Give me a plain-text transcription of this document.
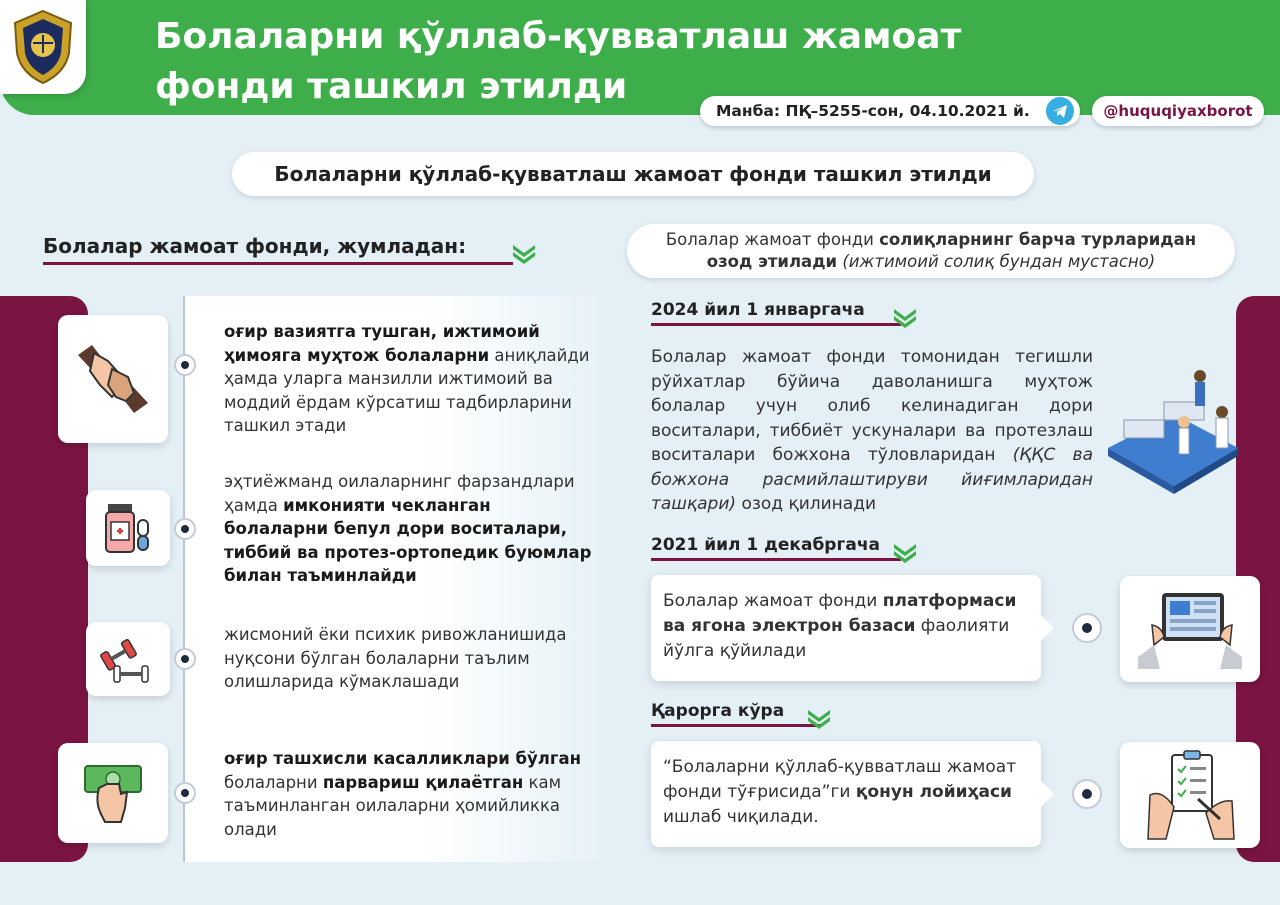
Болаларни қўллаб-қувватлаш жамоат
фонди ташкил этилди
Манба: ПҚ–5255-сон, 04.10.2021 й.	@huquqiyaxborot
Болаларни қўллаб-қувватлаш жамоат фонди ташкил этилди
Болалар жамоат фонди, жумладан:
оғир вазиятга тушган, ижтимоий ҳимояга муҳтож болаларни аниқлайди ҳамда уларга манзилли ижтимоий ва моддий ёрдам кўрсатиш тадбирларини ташкил этади
эҳтиёжманд оилаларнинг фарзандлари ҳамда имконияти чекланган болаларни бепул дори воситалари, тиббий ва протез-ортопедик буюмлар билан таъминлайди
жисмоний ёки психик ривожланишида нуқсони бўлган болаларни таълим олишларида кўмаклашади
оғир ташхисли касалликлари бўлган болаларни парвариш қилаётган кам таъминланган оилаларни ҳомийликка олади
Болалар жамоат фонди солиқларнинг барча турларидан
озод этилади (ижтимоий солиқ бундан мустасно)
2024 йил 1 январгача
Болалар жамоат фонди томонидан тегишли рўйхатлар бўйича даволанишга муҳтож болалар учун олиб келинадиган дори воситалари, тиббиёт ускуналари ва протезлаш воситалари божхона тўловларидан (ҚҚС ва божхона расмийлаштируви йиғимларидан ташқари) озод қилинади
2021 йил 1 декабргача
Болалар жамоат фонди платформаси ва ягона электрон базаси фаолияти йўлга қўйилади
Қарорга кўра
“Болаларни қўллаб-қувватлаш жамоат фонди тўғрисида”ги қонун лойиҳаси ишлаб чиқилади.
